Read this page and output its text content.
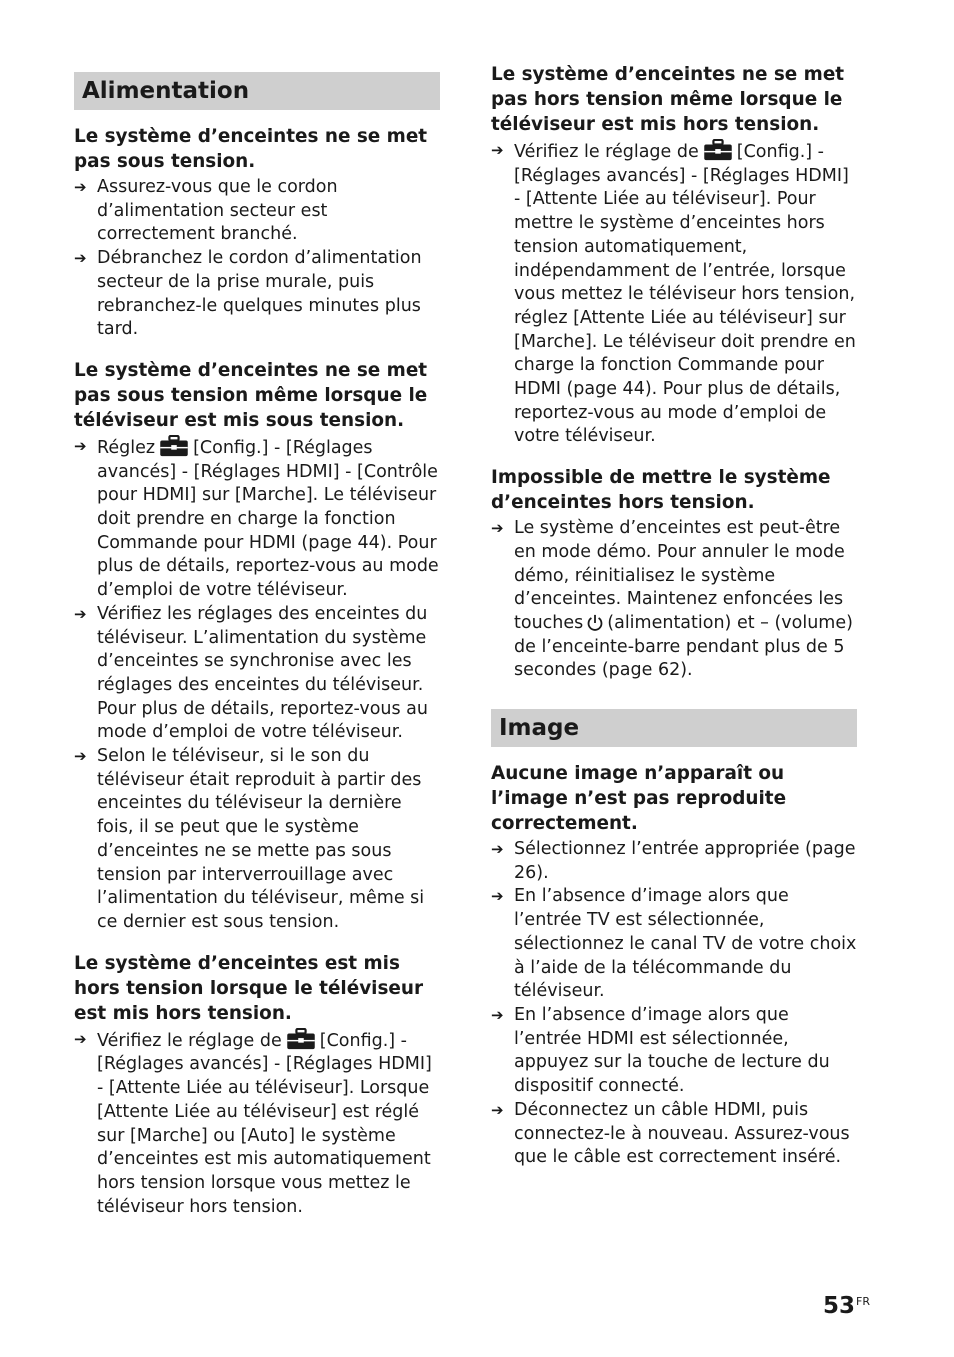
Alimentation

Le système d’enceintes ne se met pas sous tension.

➔ Assurez-vous que le cordon d’alimentation secteur est correctement branché.
➔ Débranchez le cordon d’alimentation secteur de la prise murale, puis rebranchez-le quelques minutes plus tard.

Le système d’enceintes ne se met pas sous tension même lorsque le téléviseur est mis sous tension.

➔ Réglez [Config.] - [Réglages avancés] - [Réglages HDMI] - [Contrôle pour HDMI] sur [Marche]. Le téléviseur doit prendre en charge la fonction Commande pour HDMI (page 44). Pour plus de détails, reportez-vous au mode d’emploi de votre téléviseur.
➔ Vérifiez les réglages des enceintes du téléviseur. L’alimentation du système d’enceintes se synchronise avec les réglages des enceintes du téléviseur. Pour plus de détails, reportez-vous au mode d’emploi de votre téléviseur.
➔ Selon le téléviseur, si le son du téléviseur était reproduit à partir des enceintes du téléviseur la dernière fois, il se peut que le système d’enceintes ne se mette pas sous tension par interverrouillage avec l’alimentation du téléviseur, même si ce dernier est sous tension.

Le système d’enceintes est mis hors tension lorsque le téléviseur est mis hors tension.

➔ Vérifiez le réglage de [Config.] - [Réglages avancés] - [Réglages HDMI] - [Attente Liée au téléviseur]. Lorsque [Attente Liée au téléviseur] est réglé sur [Marche] ou [Auto] le système d’enceintes est mis automatiquement hors tension lorsque vous mettez le téléviseur hors tension.

Le système d’enceintes ne se met pas hors tension même lorsque le téléviseur est mis hors tension.

➔ Vérifiez le réglage de [Config.] - [Réglages avancés] - [Réglages HDMI] - [Attente Liée au téléviseur]. Pour mettre le système d’enceintes hors tension automatiquement, indépendamment de l’entrée, lorsque vous mettez le téléviseur hors tension, réglez [Attente Liée au téléviseur] sur [Marche]. Le téléviseur doit prendre en charge la fonction Commande pour HDMI (page 44). Pour plus de détails, reportez-vous au mode d’emploi de votre téléviseur.

Impossible de mettre le système d’enceintes hors tension.

➔ Le système d’enceintes est peut-être en mode démo. Pour annuler le mode démo, réinitialisez le système d’enceintes. Maintenez enfoncées les touches (alimentation) et – (volume) de l’enceinte-barre pendant plus de 5 secondes (page 62).
Image

Aucune image n’apparaît ou l’image n’est pas reproduite correctement.

➔ Sélectionnez l’entrée appropriée (page 26).
➔ En l’absence d’image alors que l’entrée TV est sélectionnée, sélectionnez le canal TV de votre choix à l’aide de la télécommande du téléviseur.
➔ En l’absence d’image alors que l’entrée HDMI est sélectionnée, appuyez sur la touche de lecture du dispositif connecté.
➔ Déconnectez un câble HDMI, puis connectez-le à nouveau. Assurez-vous que le câble est correctement inséré.
$53^{FR}$
